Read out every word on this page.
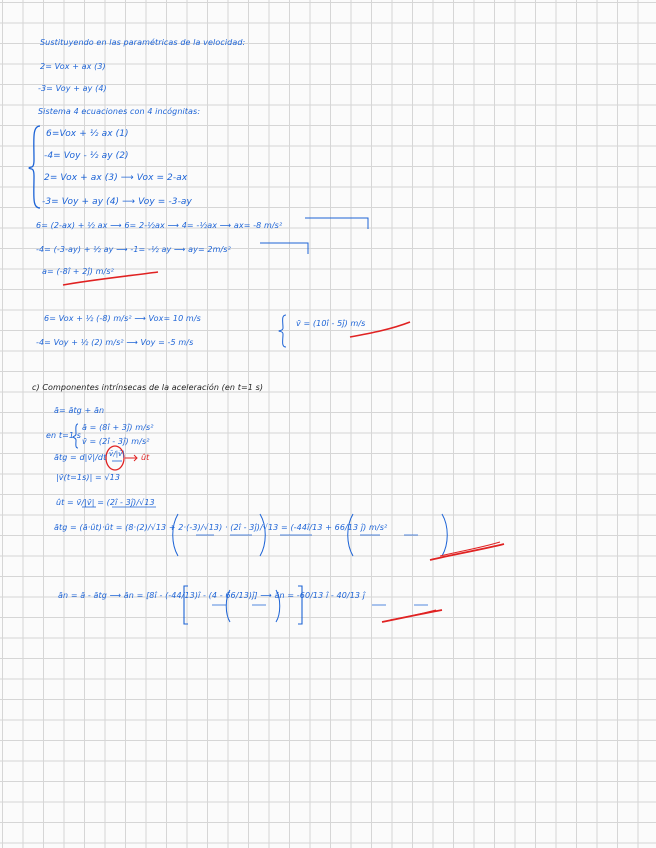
Sustituyendo en las paramétricas de la velocidad:
2= Vox + ax (3)
-3= Voy + ay (4)
Sistema 4 ecuaciones con 4 incógnitas:
6=Vox + ½ ax (1)
-4= Voy - ½ ay (2)
2= Vox + ax (3) ⟶ Vox = 2-ax
-3= Voy + ay (4) ⟶ Voy = -3-ay
6= (2-ax) + ½ ax ⟶ 6= 2-½ax ⟶ 4= -½ax ⟶ ax= -8 m/s²
-4= (-3-ay) + ½ ay ⟶ -1= -½ ay ⟶ ay= 2m/s²
a= (-8î + 2ĵ) m/s²
6= Vox + ½ (-8) m/s² ⟶ Vox= 10 m/s
-4= Voy + ½ (2) m/s² ⟶ Voy = -5 m/s
v̄ = (10î - 5ĵ) m/s
c) Componentes intrínsecas de la aceleración (en t=1 s)
ā= ātg + ān
en t=1 s
ā = (8î + 3ĵ) m/s²
v̄ = (2î - 3ĵ) m/s²
ātg = d|v̄|/dt v̄/|v̄| ût
|v̄(t=1s)| = √13
ût = v̄/|v̄| = (2î - 3ĵ)/√13
ātg = (ā·ût)·ût = (8·(2)/√13 + 2·(-3)/√13) · (2î - 3ĵ)/√13 = (-44î/13 + 66/13 ĵ) m/s²
ān = ā - ātg ⟶ ān = [8î - (-44/13)î - (4 - 66/13)ĵ] ⟶ ān = -60/13 î - 40/13 ĵ
